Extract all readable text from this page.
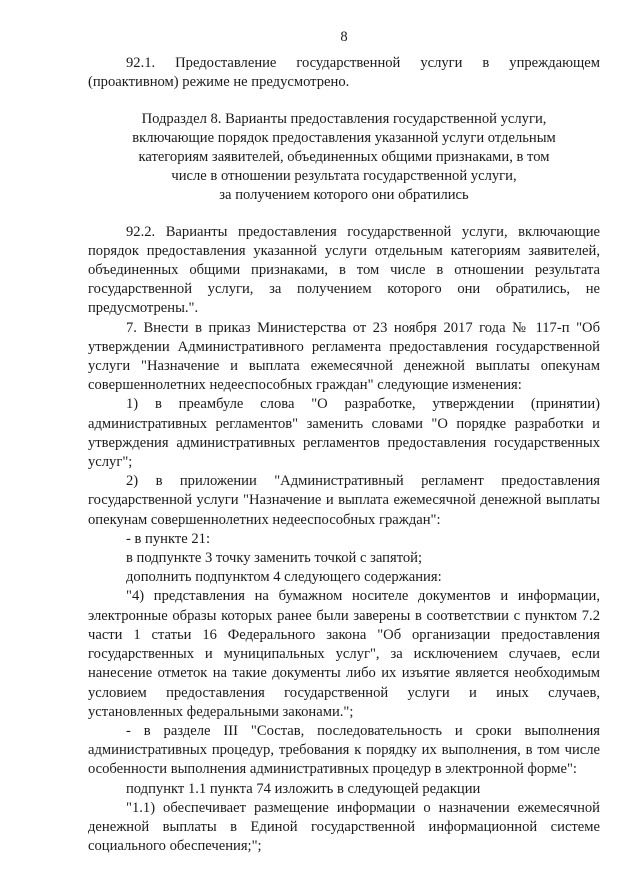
8

92.1. Предоставление государственной услуги в упреждающем (проактивном) режиме не предусмотрено.

Подраздел 8. Варианты предоставления государственной услуги,
включающие порядок предоставления указанной услуги отдельным
категориям заявителей, объединенных общими признаками, в том
числе в отношении результата государственной услуги,
за получением которого они обратились

92.2. Варианты предоставления государственной услуги, включающие порядок предоставления указанной услуги отдельным категориям заявителей, объединенных общими признаками, в том числе в отношении результата государственной услуги, за получением которого они обратились, не предусмотрены.".

7. Внести в приказ Министерства от 23 ноября 2017 года № 117-п "Об утверждении Административного регламента предоставления государственной услуги "Назначение и выплата ежемесячной денежной выплаты опекунам совершеннолетних недееспособных граждан" следующие изменения:

1) в преамбуле слова "О разработке, утверждении (принятии) административных регламентов" заменить словами "О порядке разработки и утверждения административных регламентов предоставления государственных услуг";

2) в приложении "Административный регламент предоставления государственной услуги "Назначение и выплата ежемесячной денежной выплаты опекунам совершеннолетних недееспособных граждан":

- в пункте 21:

в подпункте 3 точку заменить точкой с запятой;

дополнить подпунктом 4 следующего содержания:

"4) представления на бумажном носителе документов и информации, электронные образы которых ранее были заверены в соответствии с пунктом 7.2 части 1 статьи 16 Федерального закона "Об организации предоставления государственных и муниципальных услуг", за исключением случаев, если нанесение отметок на такие документы либо их изъятие является необходимым условием предоставления государственной услуги и иных случаев, установленных федеральными законами.";

- в разделе III "Состав, последовательность и сроки выполнения административных процедур, требования к порядку их выполнения, в том числе особенности выполнения административных процедур в электронной форме":

подпункт 1.1 пункта 74 изложить в следующей редакции

"1.1) обеспечивает размещение информации о назначении ежемесячной денежной выплаты в Единой государственной информационной системе социального обеспечения;";
